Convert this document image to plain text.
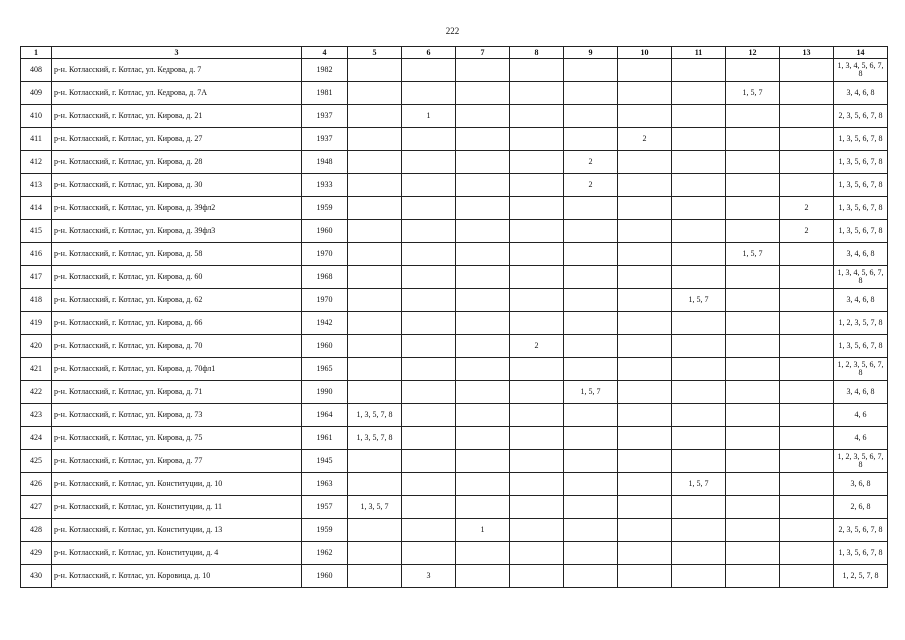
222
1	3	4	5	6	7	8	9	10	11	12	13	14
408	р-н. Котласский, г. Котлас, ул. Кедрова, д. 7	1982										1, 3, 4, 5, 6, 7, 8
409	р-н. Котласский, г. Котлас, ул. Кедрова, д. 7А	1981								1, 5, 7		3, 4, 6, 8
410	р-н. Котласский, г. Котлас, ул. Кирова, д. 21	1937		1								2, 3, 5, 6, 7, 8
411	р-н. Котласский, г. Котлас, ул. Кирова, д. 27	1937						2				1, 3, 5, 6, 7, 8
412	р-н. Котласский, г. Котлас, ул. Кирова, д. 28	1948					2					1, 3, 5, 6, 7, 8
413	р-н. Котласский, г. Котлас, ул. Кирова, д. 30	1933					2					1, 3, 5, 6, 7, 8
414	р-н. Котласский, г. Котлас, ул. Кирова, д. 39фл2	1959									2	1, 3, 5, 6, 7, 8
415	р-н. Котласский, г. Котлас, ул. Кирова, д. 39фл3	1960									2	1, 3, 5, 6, 7, 8
416	р-н. Котласский, г. Котлас, ул. Кирова, д. 58	1970								1, 5, 7		3, 4, 6, 8
417	р-н. Котласский, г. Котлас, ул. Кирова, д. 60	1968										1, 3, 4, 5, 6, 7, 8
418	р-н. Котласский, г. Котлас, ул. Кирова, д. 62	1970							1, 5, 7			3, 4, 6, 8
419	р-н. Котласский, г. Котлас, ул. Кирова, д. 66	1942										1, 2, 3, 5, 7, 8
420	р-н. Котласский, г. Котлас, ул. Кирова, д. 70	1960				2						1, 3, 5, 6, 7, 8
421	р-н. Котласский, г. Котлас, ул. Кирова, д. 70фл1	1965										1, 2, 3, 5, 6, 7, 8
422	р-н. Котласский, г. Котлас, ул. Кирова, д. 71	1990					1, 5, 7					3, 4, 6, 8
423	р-н. Котласский, г. Котлас, ул. Кирова, д. 73	1964	1, 3, 5, 7, 8									4, 6
424	р-н. Котласский, г. Котлас, ул. Кирова, д. 75	1961	1, 3, 5, 7, 8									4, 6
425	р-н. Котласский, г. Котлас, ул. Кирова, д. 77	1945										1, 2, 3, 5, 6, 7, 8
426	р-н. Котласский, г. Котлас, ул. Конституции, д. 10	1963							1, 5, 7			3, 6, 8
427	р-н. Котласский, г. Котлас, ул. Конституции, д. 11	1957	1, 3, 5, 7									2, 6, 8
428	р-н. Котласский, г. Котлас, ул. Конституции, д. 13	1959			1							2, 3, 5, 6, 7, 8
429	р-н. Котласский, г. Котлас, ул. Конституции, д. 4	1962										1, 3, 5, 6, 7, 8
430	р-н. Котласский, г. Котлас, ул. Коровица, д. 10	1960		3								1, 2, 5, 7, 8
